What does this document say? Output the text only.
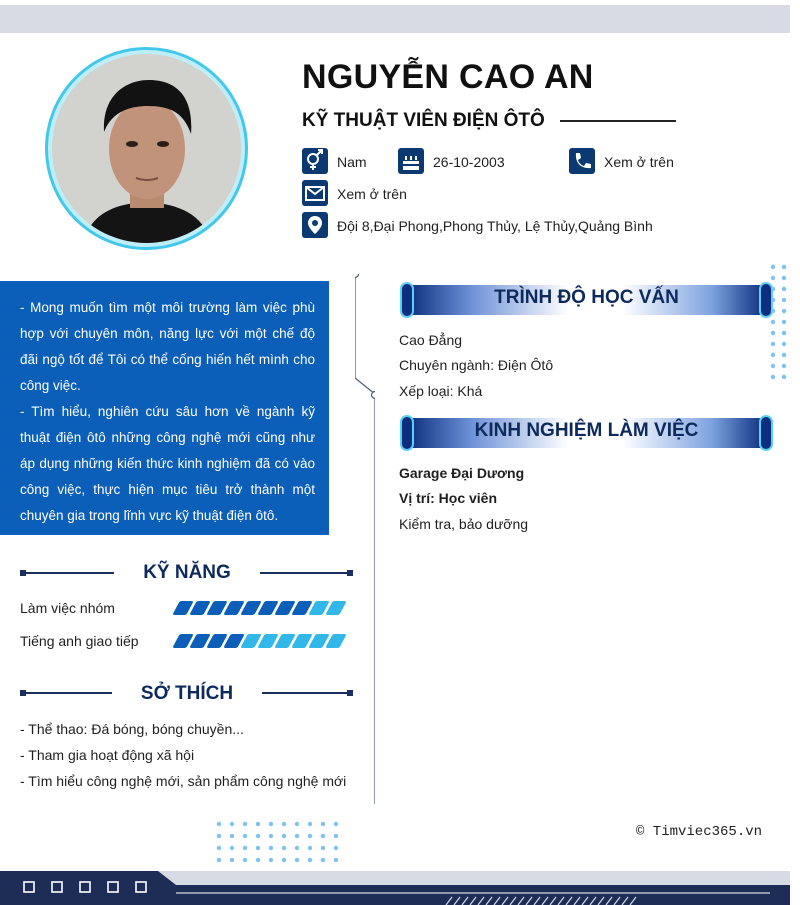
NGUYỄN CAO AN
KỸ THUẬT VIÊN ĐIỆN ÔTÔ
Nam	26-10-2003	Xem ở trên
Xem ở trên
Đội 8,Đại Phong,Phong Thủy, Lệ Thủy,Quảng Bình
- Mong muốn tìm một môi trường làm việc phù hợp với chuyên môn, năng lực với một chế độ đãi ngộ tốt để Tôi có thể cống hiến hết mình cho công việc.
- Tìm hiểu, nghiên cứu sâu hơn về ngành kỹ thuật điện ôtô những công nghệ mới cũng như áp dụng những kiến thức kinh nghiệm đã có vào công việc, thực hiện mục tiêu trở thành một chuyên gia trong lĩnh vực kỹ thuật điện ôtô.
KỸ NĂNG
Làm việc nhóm
Tiếng anh giao tiếp
SỞ THÍCH
- Thể thao: Đá bóng, bóng chuyền...
- Tham gia hoạt động xã hội
- Tìm hiểu công nghệ mới, sản phẩm công nghệ mới
TRÌNH ĐỘ HỌC VẤN
Cao Đẳng
Chuyên ngành: Điện Ôtô
Xếp loại: Khá
KINH NGHIỆM LÀM VIỆC
Garage Đại Dương
Vị trí: Học viên
Kiểm tra, bảo dưỡng
© Timviec365.vn
